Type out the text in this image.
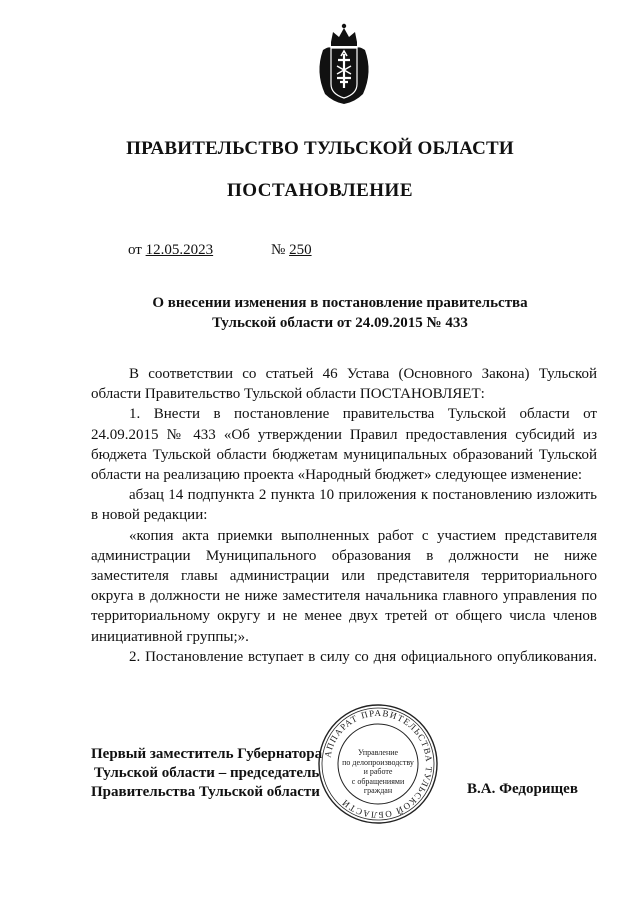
ПРАВИТЕЛЬСТВО ТУЛЬСКОЙ ОБЛАСТИ
ПОСТАНОВЛЕНИЕ
от 12.05.2023	№ 250
О внесении изменения в постановление правительства
Тульской области от 24.09.2015 № 433

В соответствии со статьей 46 Устава (Основного Закона) Тульской области Правительство Тульской области ПОСТАНОВЛЯЕТ:

1. Внести в постановление правительства Тульской области от 24.09.2015 № 433 «Об утверждении Правил предоставления субсидий из бюджета Тульской области бюджетам муниципальных образований Тульской области на реализацию проекта «Народный бюджет» следующее изменение:

абзац 14 подпункта 2 пункта 10 приложения к постановлению изложить в новой редакции:

«копия акта приемки выполненных работ с участием представителя администрации Муниципального образования в должности не ниже заместителя главы администрации или представителя территориального округа в должности не ниже заместителя начальника главного управления по территориальному округу и не менее двух третей от общего числа членов инициативной группы;».

2. Постановление вступает в силу со дня официального опубликования.

Первый заместитель Губернатора
Тульской области – председатель
Правительства Тульской области	В.А. Федорищев
АППАРАТ ПРАВИТЕЛЬСТВА ТУЛЬСКОЙ ОБЛАСТИ
Управление
по делопроизводству
и работе
с обращениями
граждан
